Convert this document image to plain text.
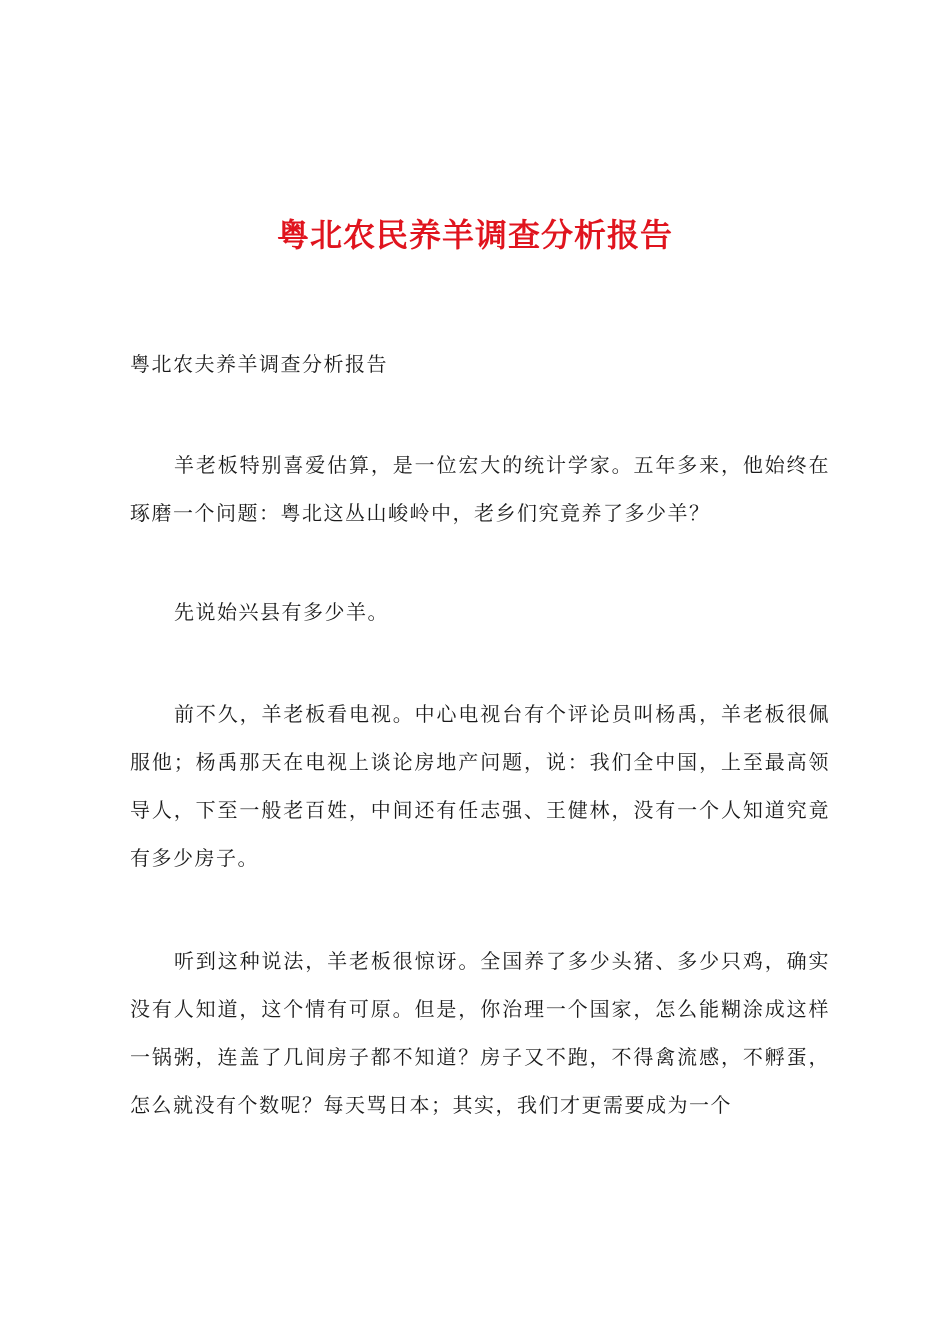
粤北农民养羊调查分析报告
粤北农夫养羊调查分析报告

羊老板特别喜爱估算，是一位宏大的统计学家。五年多来，他始终在琢磨一个问题：粤北这丛山峻岭中，老乡们究竟养了多少羊？

先说始兴县有多少羊。

前不久，羊老板看电视。中心电视台有个评论员叫杨禹，羊老板很佩服他；杨禹那天在电视上谈论房地产问题，说：我们全中国，上至最高领导人，下至一般老百姓，中间还有任志强、王健林，没有一个人知道究竟有多少房子。

听到这种说法，羊老板很惊讶。全国养了多少头猪、多少只鸡，确实没有人知道，这个情有可原。但是，你治理一个国家，怎么能糊涂成这样一锅粥，连盖了几间房子都不知道？房子又不跑，不得禽流感，不孵蛋，怎么就没有个数呢？每天骂日本；其实，我们才更需要成为一个
